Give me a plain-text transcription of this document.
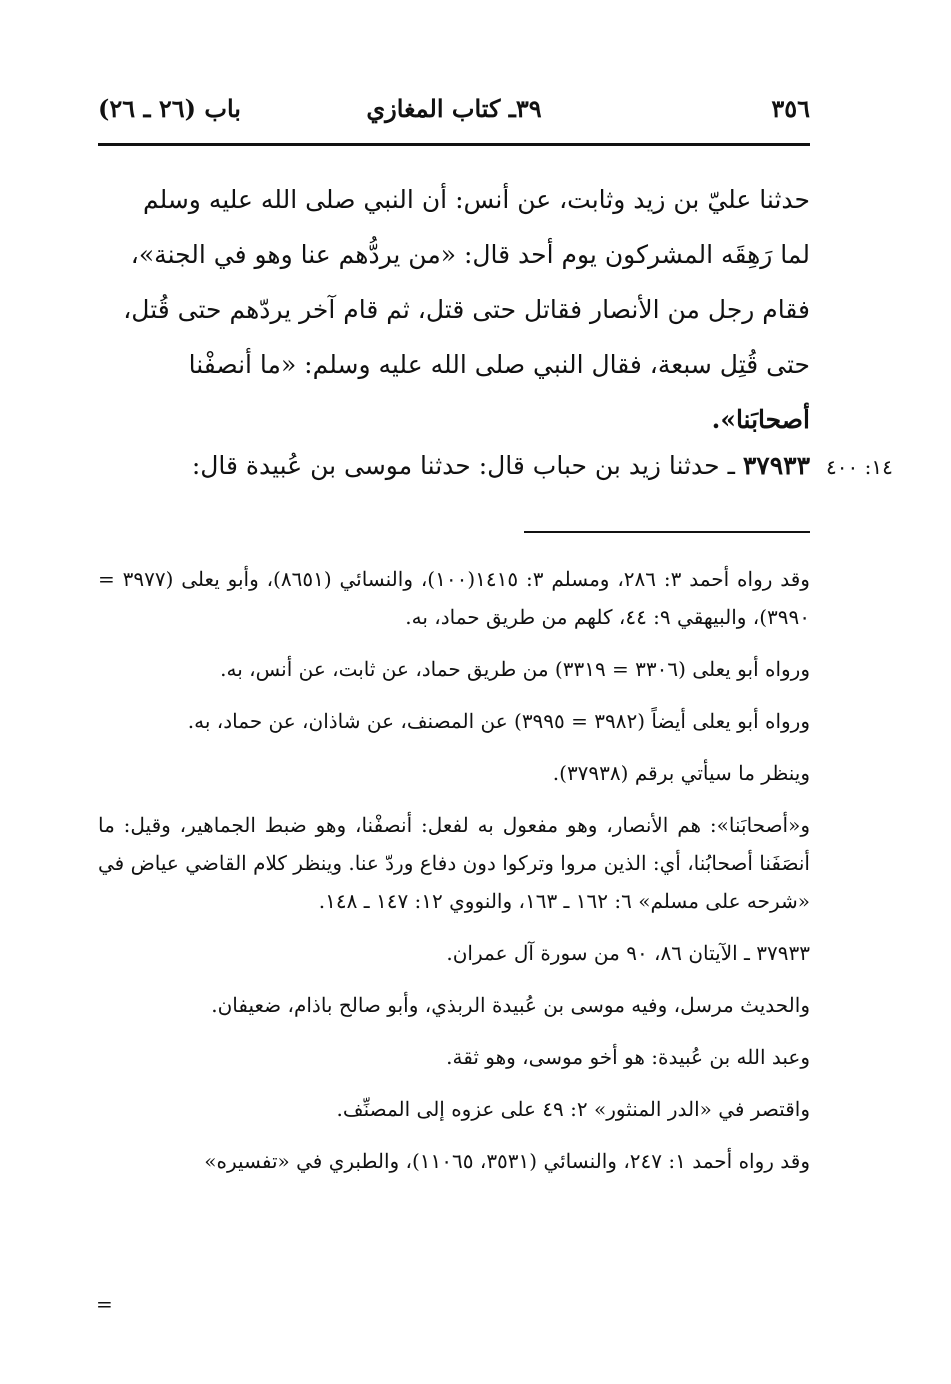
٣٥٦
٣٩ـ كتاب المغازي
باب (٢٦ ـ ٢٦)

حدثنا عليّ بن زيد وثابت، عن أنس: أن النبي صلى الله عليه وسلم

لما رَهِقَه المشركون يوم أحد قال: «من يردُّهم عنا وهو في الجنة»،

فقام رجل من الأنصار فقاتل حتى قتل، ثم قام آخر يردّهم حتى قُتل،

حتى قُتِل سبعة، فقال النبي صلى الله عليه وسلم: «ما أنصفْنا

أصحابَنا».

٣٧٩٣٣ ـ حدثنا زيد بن حباب قال: حدثنا موسى بن عُبيدة قال:	١٤: ٤٠٠

وقد رواه أحمد ٣: ٢٨٦، ومسلم ٣: ١٤١٥(١٠٠)، والنسائي (٨٦٥١)، وأبو يعلى (٣٩٧٧ = ٣٩٩٠)، والبيهقي ٩: ٤٤، كلهم من طريق حماد، به.

ورواه أبو يعلى (٣٣٠٦ = ٣٣١٩) من طريق حماد، عن ثابت، عن أنس، به.

ورواه أبو يعلى أيضاً (٣٩٨٢ = ٣٩٩٥) عن المصنف، عن شاذان، عن حماد، به.

وينظر ما سيأتي برقم (٣٧٩٣٨).

و«أصحابَنا»: هم الأنصار، وهو مفعول به لفعل: أنصفْنا، وهو ضبط الجماهير، وقيل: ما أنصَفَنا أصحابُنا، أي: الذين مروا وتركوا دون دفاع وردّ عنا. وينظر كلام القاضي عياض في «شرحه على مسلم» ٦: ١٦٢ ـ ١٦٣، والنووي ١٢: ١٤٧ ـ ١٤٨.

٣٧٩٣٣ ـ الآيتان ٨٦، ٩٠ من سورة آل عمران.

والحديث مرسل، وفيه موسى بن عُبيدة الربذي، وأبو صالح باذام، ضعيفان.

وعبد الله بن عُبيدة: هو أخو موسى، وهو ثقة.

واقتصر في «الدر المنثور» ٢: ٤٩ على عزوه إلى المصنِّف.

وقد رواه أحمد ١: ٢٤٧، والنسائي (٣٥٣١، ١١٠٦٥)، والطبري في «تفسيره»

=
